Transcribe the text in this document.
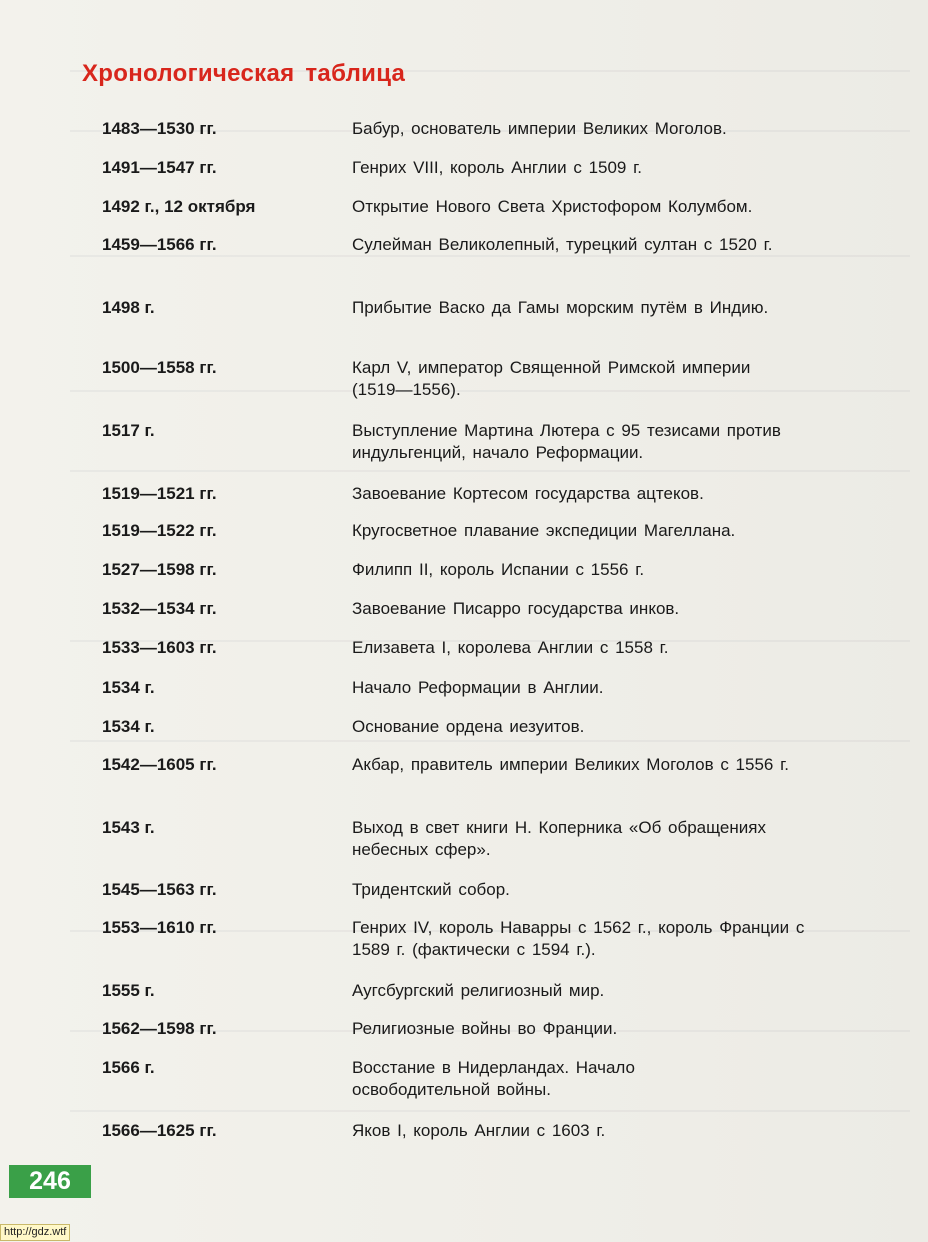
Хронологическая таблица
1483—1530 гг.	Бабур, основатель империи Великих Моголов.
1491—1547 гг.	Генрих VIII, король Англии с 1509 г.
1492 г., 12 октября	Открытие Нового Света Христофором Колумбом.
1459—1566 гг.	Сулейман Великолепный, турецкий султан с 1520 г.
1498 г.	Прибытие Васко да Гамы морским путём в Индию.
1500—1558 гг.	Карл V, император Священной Римской империи (1519—1556).
1517 г.	Выступление Мартина Лютера с 95 тезисами против индульгенций, начало Реформации.
1519—1521 гг.	Завоевание Кортесом государства ацтеков.
1519—1522 гг.	Кругосветное плавание экспедиции Магеллана.
1527—1598 гг.	Филипп II, король Испании с 1556 г.
1532—1534 гг.	Завоевание Писарро государства инков.
1533—1603 гг.	Елизавета I, королева Англии с 1558 г.
1534 г.	Начало Реформации в Англии.
1534 г.	Основание ордена иезуитов.
1542—1605 гг.	Акбар, правитель империи Великих Моголов с 1556 г.
1543 г.	Выход в свет книги Н. Коперника «Об обращениях небесных сфер».
1545—1563 гг.	Тридентский собор.
1553—1610 гг.	Генрих IV, король Наварры с 1562 г., король Франции с 1589 г. (фактически с 1594 г.).
1555 г.	Аугсбургский религиозный мир.
1562—1598 гг.	Религиозные войны во Франции.
1566 г.	Восстание в Нидерландах. Начало освободительной войны.
1566—1625 гг.	Яков I, король Англии с 1603 г.
246
http://gdz.wtf
